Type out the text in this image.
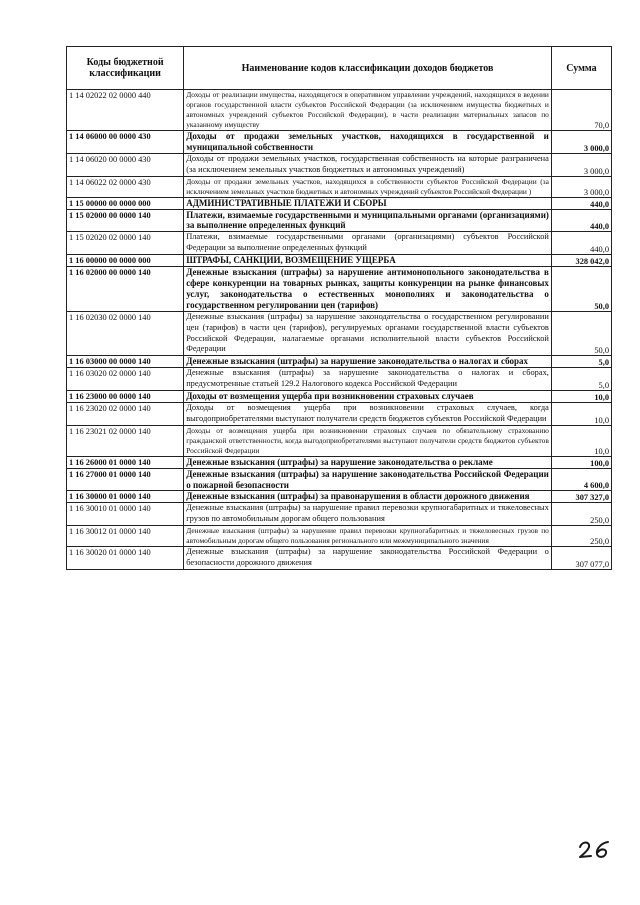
Коды бюджетной классификации	Наименование кодов классификации доходов бюджетов	Сумма
1 14 02022 02 0000 440	Доходы от реализации имущества, находящегося в оперативном управлении учреждений, находящихся в ведении органов государственной власти субъектов Российской Федерации (за исключением имущества бюджетных и автономных учреждений субъектов Российской Федерации), в части реализации материальных запасов по указанному имуществу	70,0
1 14 06000 00 0000 430	Доходы от продажи земельных участков, находящихся в государственной и муниципальной собственности	3 000,0
1 14 06020 00 0000 430	Доходы от продажи земельных участков, государственная собственность на которые разграничена (за исключением земельных участков бюджетных и автономных учреждений)	3 000,0
1 14 06022 02 0000 430	Доходы от продажи земельных участков, находящихся в собственности субъектов Российской Федерации (за исключением земельных участков бюджетных и автономных учреждений субъектов Российской Федерации )	3 000,0
1 15 00000 00 0000 000	АДМИНИСТРАТИВНЫЕ ПЛАТЕЖИ И СБОРЫ	440,0
1 15 02000 00 0000 140	Платежи, взимаемые государственными и муниципальными органами (организациями) за выполнение определенных функций	440,0
1 15 02020 02 0000 140	Платежи, взимаемые государственными органами (организациями) субъектов Российской Федерации за выполнение определенных функций	440,0
1 16 00000 00 0000 000	ШТРАФЫ, САНКЦИИ, ВОЗМЕЩЕНИЕ УЩЕРБА	328 042,0
1 16 02000 00 0000 140	Денежные взыскания (штрафы) за нарушение антимонопольного законодательства в сфере конкуренции на товарных рынках, защиты конкуренции на рынке финансовых услуг, законодательства о естественных монополиях и законодательства о государственном регулировании цен (тарифов)	50,0
1 16 02030 02 0000 140	Денежные взыскания (штрафы) за нарушение законодательства о государственном регулировании цен (тарифов) в части цен (тарифов), регулируемых органами государственной власти субъектов Российской Федерации, налагаемые органами исполнительной власти субъектов Российской Федерации	50,0
1 16 03000 00 0000 140	Денежные взыскания (штрафы) за нарушение законодательства о налогах и сборах	5,0
1 16 03020 02 0000 140	Денежные взыскания (штрафы) за нарушение законодательства о налогах и сборах, предусмотренные статьей 129.2 Налогового кодекса Российской Федерации	5,0
1 16 23000 00 0000 140	Доходы от возмещения ущерба при возникновении страховых случаев	10,0
1 16 23020 02 0000 140	Доходы от возмещения ущерба при возникновении страховых случаев, когда выгодоприобретателями выступают получатели средств бюджетов субъектов Российской Федерации	10,0
1 16 23021 02 0000 140	Доходы от возмещения ущерба при возникновении страховых случаев по обязательному страхованию гражданской ответственности, когда выгодоприобретателями выступают получатели средств бюджетов субъектов Российской Федерации	10,0
1 16 26000 01 0000 140	Денежные взыскания (штрафы) за нарушение законодательства о рекламе	100,0
1 16 27000 01 0000 140	Денежные взыскания (штрафы) за нарушение законодательства Российской Федерации о пожарной безопасности	4 600,0
1 16 30000 01 0000 140	Денежные взыскания (штрафы) за правонарушения в области дорожного движения	307 327,0
1 16 30010 01 0000 140	Денежные взыскания (штрафы) за нарушение правил перевозки крупногабаритных и тяжеловесных грузов по автомобильным дорогам общего пользования	250,0
1 16 30012 01 0000 140	Денежные взыскания (штрафы) за нарушение правил перевозки крупногабаритных и тяжеловесных грузов по автомобильным дорогам общего пользования регионального или межмуниципального значения	250,0
1 16 30020 01 0000 140	Денежные взыскания (штрафы) за нарушение законодательства Российской Федерации о безопасности дорожного движения	307 077,0
